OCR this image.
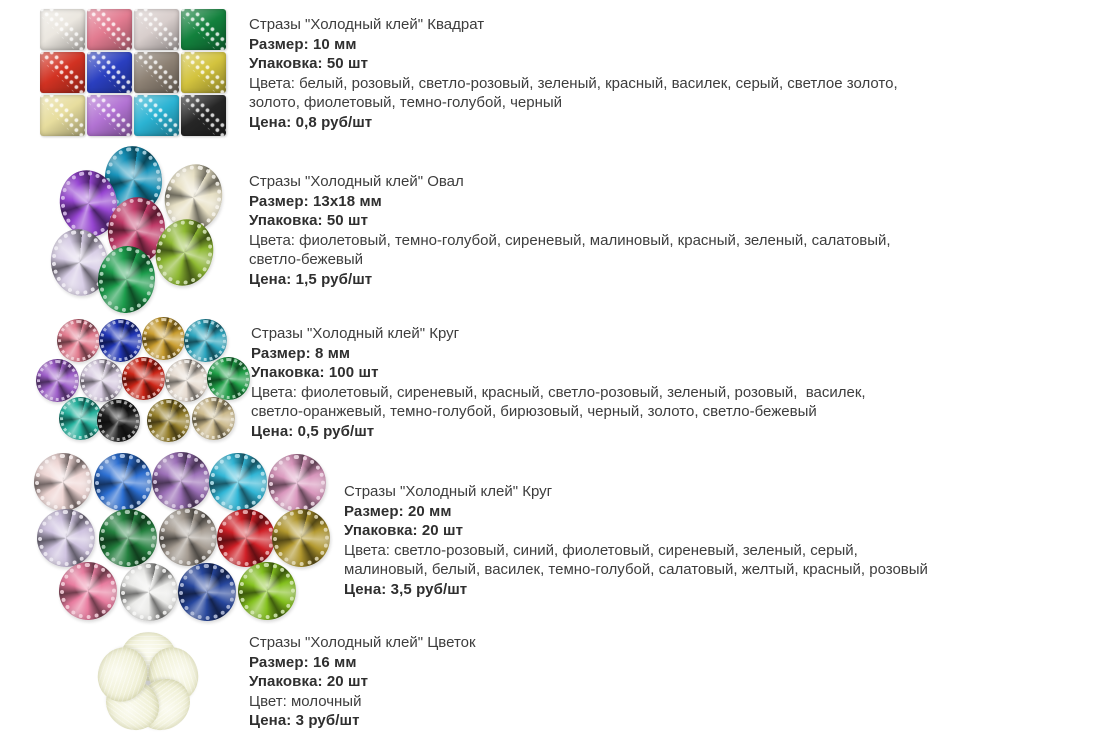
Стразы "Холодный клей" Квадрат
Размер: 10 мм
Упаковка: 50 шт
Цвета: белый, розовый, светло-розовый, зеленый, красный, василек, серый, светлое золото,
золото, фиолетовый, темно-голубой, черный
Цена: 0,8 руб/шт
Стразы "Холодный клей" Овал
Размер: 13х18 мм
Упаковка: 50 шт
Цвета: фиолетовый, темно-голубой, сиреневый, малиновый, красный, зеленый, салатовый,
светло-бежевый
Цена: 1,5 руб/шт
Стразы "Холодный клей" Круг
Размер: 8 мм
Упаковка: 100 шт
Цвета: фиолетовый, сиреневый, красный, светло-розовый, зеленый, розовый,  василек,
светло-оранжевый, темно-голубой, бирюзовый, черный, золото, светло-бежевый
Цена: 0,5 руб/шт
Стразы "Холодный клей" Круг
Размер: 20 мм
Упаковка: 20 шт
Цвета: светло-розовый, синий, фиолетовый, сиреневый, зеленый, серый,
малиновый, белый, василек, темно-голубой, салатовый, желтый, красный, розовый
Цена: 3,5 руб/шт
Стразы "Холодный клей" Цветок
Размер: 16 мм
Упаковка: 20 шт
Цвет: молочный
Цена: 3 руб/шт
